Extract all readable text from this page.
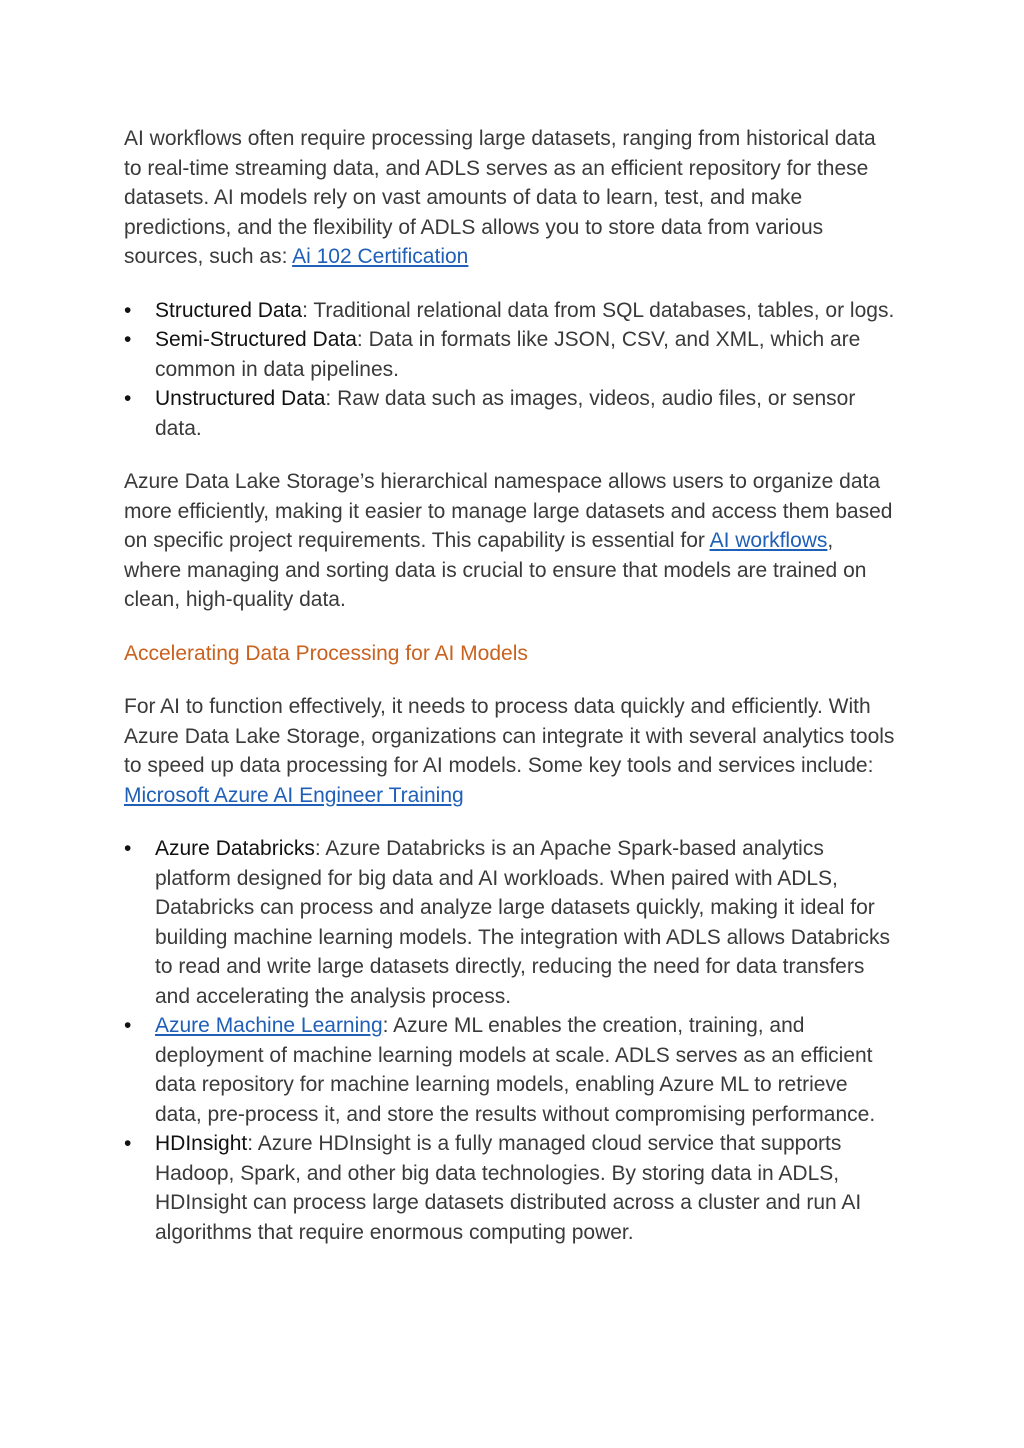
AI workflows often require processing large datasets, ranging from historical data to real-time streaming data, and ADLS serves as an efficient repository for these datasets. AI models rely on vast amounts of data to learn, test, and make predictions, and the flexibility of ADLS allows you to store data from various sources, such as: Ai 102 Certification

• Structured Data: Traditional relational data from SQL databases, tables, or logs.
• Semi-Structured Data: Data in formats like JSON, CSV, and XML, which are common in data pipelines.
• Unstructured Data: Raw data such as images, videos, audio files, or sensor data.

Azure Data Lake Storage’s hierarchical namespace allows users to organize data more efficiently, making it easier to manage large datasets and access them based on specific project requirements. This capability is essential for AI workflows, where managing and sorting data is crucial to ensure that models are trained on clean, high-quality data.

Accelerating Data Processing for AI Models

For AI to function effectively, it needs to process data quickly and efficiently. With Azure Data Lake Storage, organizations can integrate it with several analytics tools to speed up data processing for AI models. Some key tools and services include: Microsoft Azure AI Engineer Training

• Azure Databricks: Azure Databricks is an Apache Spark-based analytics platform designed for big data and AI workloads. When paired with ADLS, Databricks can process and analyze large datasets quickly, making it ideal for building machine learning models. The integration with ADLS allows Databricks to read and write large datasets directly, reducing the need for data transfers and accelerating the analysis process.
• Azure Machine Learning: Azure ML enables the creation, training, and deployment of machine learning models at scale. ADLS serves as an efficient data repository for machine learning models, enabling Azure ML to retrieve data, pre-process it, and store the results without compromising performance.
• HDInsight: Azure HDInsight is a fully managed cloud service that supports Hadoop, Spark, and other big data technologies. By storing data in ADLS, HDInsight can process large datasets distributed across a cluster and run AI algorithms that require enormous computing power.
